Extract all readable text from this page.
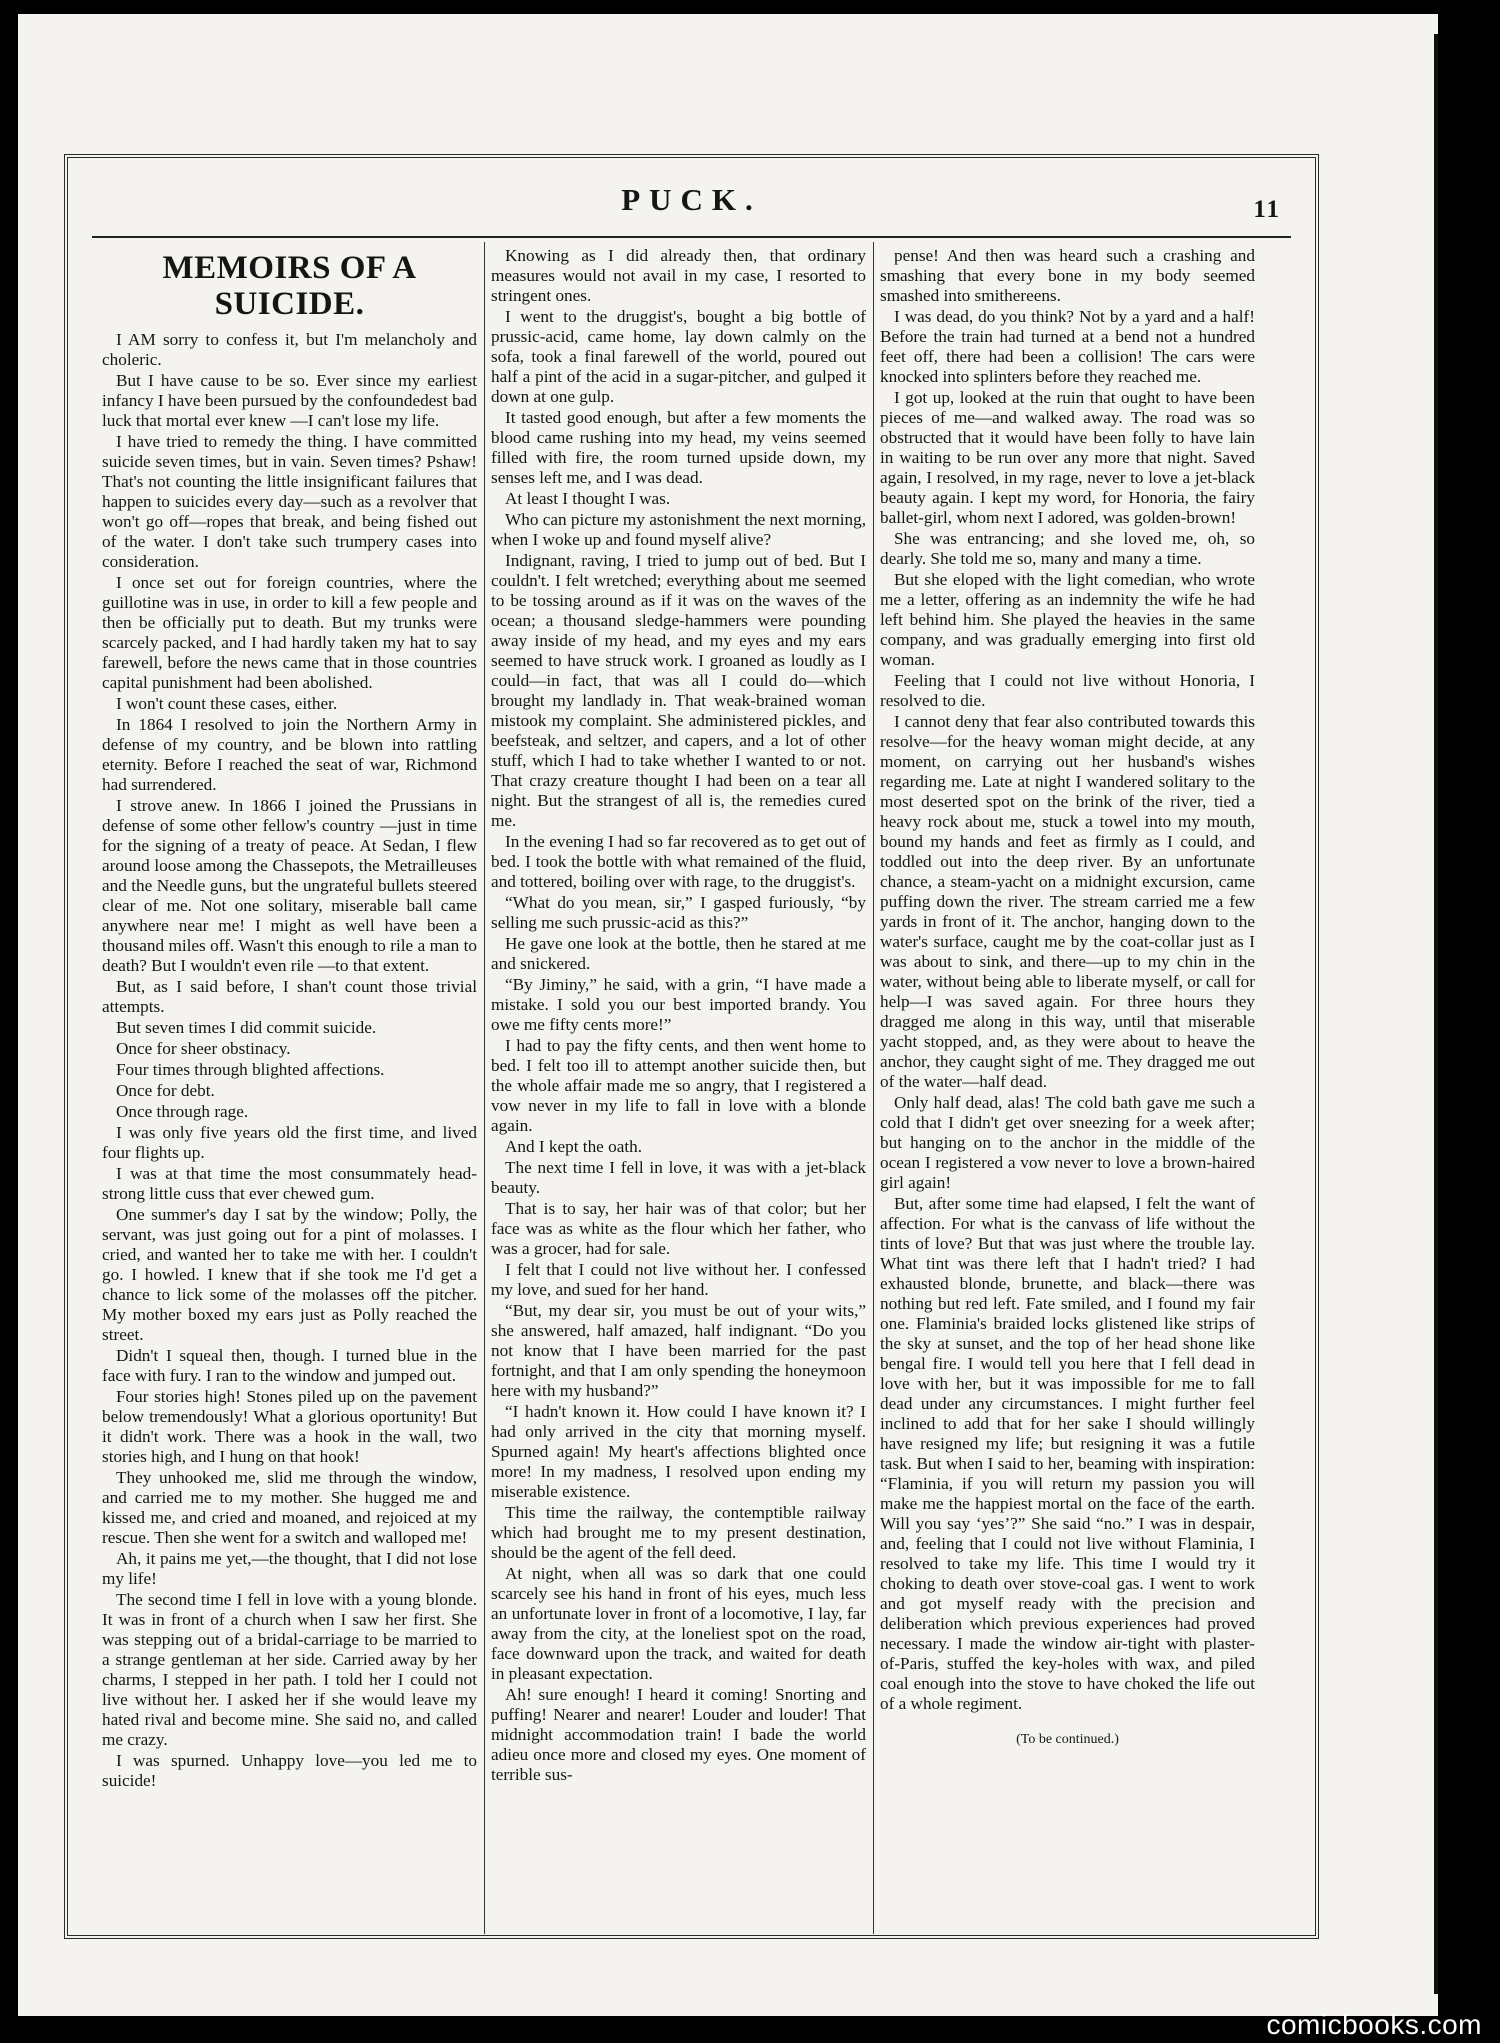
PUCK.	11
MEMOIRS OF A SUICIDE.

I AM sorry to confess it, but I'm melancholy and choleric.

But I have cause to be so. Ever since my earliest infancy I have been pursued by the confoundedest bad luck that mortal ever knew —I can't lose my life.

I have tried to remedy the thing. I have committed suicide seven times, but in vain. Seven times? Pshaw! That's not counting the little insignificant failures that happen to suicides every day—such as a revolver that won't go off—ropes that break, and being fished out of the water. I don't take such trumpery cases into consideration.

I once set out for foreign countries, where the guillotine was in use, in order to kill a few people and then be officially put to death. But my trunks were scarcely packed, and I had hardly taken my hat to say farewell, before the news came that in those countries capital punishment had been abolished.

I won't count these cases, either.

In 1864 I resolved to join the Northern Army in defense of my country, and be blown into rattling eternity. Before I reached the seat of war, Richmond had surrendered.

I strove anew. In 1866 I joined the Prussians in defense of some other fellow's country —just in time for the signing of a treaty of peace. At Sedan, I flew around loose among the Chassepots, the Metrailleuses and the Needle guns, but the ungrateful bullets steered clear of me. Not one solitary, miserable ball came anywhere near me! I might as well have been a thousand miles off. Wasn't this enough to rile a man to death? But I wouldn't even rile —to that extent.

But, as I said before, I shan't count those trivial attempts.

But seven times I did commit suicide.

Once for sheer obstinacy.

Four times through blighted affections.

Once for debt.

Once through rage.

I was only five years old the first time, and lived four flights up.

I was at that time the most consummately head-strong little cuss that ever chewed gum.

One summer's day I sat by the window; Polly, the servant, was just going out for a pint of molasses. I cried, and wanted her to take me with her. I couldn't go. I howled. I knew that if she took me I'd get a chance to lick some of the molasses off the pitcher. My mother boxed my ears just as Polly reached the street.

Didn't I squeal then, though. I turned blue in the face with fury. I ran to the window and jumped out.

Four stories high! Stones piled up on the pavement below tremendously! What a glorious oportunity! But it didn't work. There was a hook in the wall, two stories high, and I hung on that hook!

They unhooked me, slid me through the window, and carried me to my mother. She hugged me and kissed me, and cried and moaned, and rejoiced at my rescue. Then she went for a switch and walloped me!

Ah, it pains me yet,—the thought, that I did not lose my life!

The second time I fell in love with a young blonde. It was in front of a church when I saw her first. She was stepping out of a bridal-carriage to be married to a strange gentleman at her side. Carried away by her charms, I stepped in her path. I told her I could not live without her. I asked her if she would leave my hated rival and become mine. She said no, and called me crazy.

I was spurned. Unhappy love—you led me to suicide!

Knowing as I did already then, that ordinary measures would not avail in my case, I resorted to stringent ones.

I went to the druggist's, bought a big bottle of prussic-acid, came home, lay down calmly on the sofa, took a final farewell of the world, poured out half a pint of the acid in a sugar-pitcher, and gulped it down at one gulp.

It tasted good enough, but after a few moments the blood came rushing into my head, my veins seemed filled with fire, the room turned upside down, my senses left me, and I was dead.

At least I thought I was.

Who can picture my astonishment the next morning, when I woke up and found myself alive?

Indignant, raving, I tried to jump out of bed. But I couldn't. I felt wretched; everything about me seemed to be tossing around as if it was on the waves of the ocean; a thousand sledge-hammers were pounding away inside of my head, and my eyes and my ears seemed to have struck work. I groaned as loudly as I could—in fact, that was all I could do—which brought my landlady in. That weak-brained woman mistook my complaint. She administered pickles, and beefsteak, and seltzer, and capers, and a lot of other stuff, which I had to take whether I wanted to or not. That crazy creature thought I had been on a tear all night. But the strangest of all is, the remedies cured me.

In the evening I had so far recovered as to get out of bed. I took the bottle with what remained of the fluid, and tottered, boiling over with rage, to the druggist's.

“What do you mean, sir,” I gasped furiously, “by selling me such prussic-acid as this?”

He gave one look at the bottle, then he stared at me and snickered.

“By Jiminy,” he said, with a grin, “I have made a mistake. I sold you our best imported brandy. You owe me fifty cents more!”

I had to pay the fifty cents, and then went home to bed. I felt too ill to attempt another suicide then, but the whole affair made me so angry, that I registered a vow never in my life to fall in love with a blonde again.

And I kept the oath.

The next time I fell in love, it was with a jet-black beauty.

That is to say, her hair was of that color; but her face was as white as the flour which her father, who was a grocer, had for sale.

I felt that I could not live without her. I confessed my love, and sued for her hand.

“But, my dear sir, you must be out of your wits,” she answered, half amazed, half indignant. “Do you not know that I have been married for the past fortnight, and that I am only spending the honeymoon here with my husband?”

“I hadn't known it. How could I have known it? I had only arrived in the city that morning myself. Spurned again! My heart's affections blighted once more! In my madness, I resolved upon ending my miserable existence.

This time the railway, the contemptible railway which had brought me to my present destination, should be the agent of the fell deed.

At night, when all was so dark that one could scarcely see his hand in front of his eyes, much less an unfortunate lover in front of a locomotive, I lay, far away from the city, at the loneliest spot on the road, face downward upon the track, and waited for death in pleasant expectation.

Ah! sure enough! I heard it coming! Snorting and puffing! Nearer and nearer! Louder and louder! That midnight accommodation train! I bade the world adieu once more and closed my eyes. One moment of terrible sus-

pense! And then was heard such a crashing and smashing that every bone in my body seemed smashed into smithereens.

I was dead, do you think? Not by a yard and a half! Before the train had turned at a bend not a hundred feet off, there had been a collision! The cars were knocked into splinters before they reached me.

I got up, looked at the ruin that ought to have been pieces of me—and walked away. The road was so obstructed that it would have been folly to have lain in waiting to be run over any more that night. Saved again, I resolved, in my rage, never to love a jet-black beauty again. I kept my word, for Honoria, the fairy ballet-girl, whom next I adored, was golden-brown!

She was entrancing; and she loved me, oh, so dearly. She told me so, many and many a time.

But she eloped with the light comedian, who wrote me a letter, offering as an indemnity the wife he had left behind him. She played the heavies in the same company, and was gradually emerging into first old woman.

Feeling that I could not live without Honoria, I resolved to die.

I cannot deny that fear also contributed towards this resolve—for the heavy woman might decide, at any moment, on carrying out her husband's wishes regarding me. Late at night I wandered solitary to the most deserted spot on the brink of the river, tied a heavy rock about me, stuck a towel into my mouth, bound my hands and feet as firmly as I could, and toddled out into the deep river. By an unfortunate chance, a steam-yacht on a midnight excursion, came puffing down the river. The stream carried me a few yards in front of it. The anchor, hanging down to the water's surface, caught me by the coat-collar just as I was about to sink, and there—up to my chin in the water, without being able to liberate myself, or call for help—I was saved again. For three hours they dragged me along in this way, until that miserable yacht stopped, and, as they were about to heave the anchor, they caught sight of me. They dragged me out of the water—half dead.

Only half dead, alas! The cold bath gave me such a cold that I didn't get over sneezing for a week after; but hanging on to the anchor in the middle of the ocean I registered a vow never to love a brown-haired girl again!

But, after some time had elapsed, I felt the want of affection. For what is the canvass of life without the tints of love? But that was just where the trouble lay. What tint was there left that I hadn't tried? I had exhausted blonde, brunette, and black—there was nothing but red left. Fate smiled, and I found my fair one. Flaminia's braided locks glistened like strips of the sky at sunset, and the top of her head shone like bengal fire. I would tell you here that I fell dead in love with her, but it was impossible for me to fall dead under any circumstances. I might further feel inclined to add that for her sake I should willingly have resigned my life; but resigning it was a futile task. But when I said to her, beaming with inspiration: “Flaminia, if you will return my passion you will make me the happiest mortal on the face of the earth. Will you say ‘yes’?” She said “no.” I was in despair, and, feeling that I could not live without Flaminia, I resolved to take my life. This time I would try it choking to death over stove-coal gas. I went to work and got myself ready with the precision and deliberation which previous experiences had proved necessary. I made the window air-tight with plaster-of-Paris, stuffed the key-holes with wax, and piled coal enough into the stove to have choked the life out of a whole regiment.

(To be continued.)
comicbooks.com
